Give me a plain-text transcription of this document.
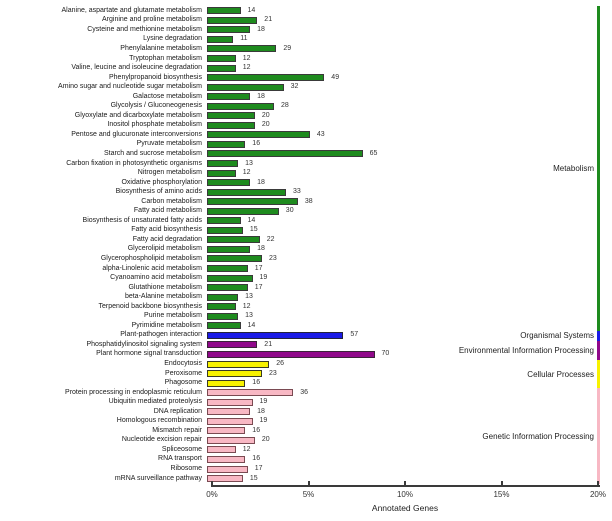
Alanine, aspartate and glutamate metabolism	14
Arginine and proline metabolism	21
Cysteine and methionine metabolism	18
Lysine degradation	11
Phenylalanine metabolism	29
Tryptophan metabolism	12
Valine, leucine and isoleucine degradation	12
Phenylpropanoid biosynthesis	49
Amino sugar and nucleotide sugar metabolism	32
Galactose metabolism	18
Glycolysis / Gluconeogenesis	28
Glyoxylate and dicarboxylate metabolism	20
Inositol phosphate metabolism	20
Pentose and glucuronate interconversions	43
Pyruvate metabolism	16
Starch and sucrose metabolism	65
Carbon fixation in photosynthetic organisms	13
Nitrogen metabolism	12
Oxidative phosphorylation	18
Biosynthesis of amino acids	33
Carbon metabolism	38
Fatty acid metabolism	30
Biosynthesis of unsaturated fatty acids	14
Fatty acid biosynthesis	15
Fatty acid degradation	22
Glycerolipid metabolism	18
Glycerophospholipid metabolism	23
alpha-Linolenic acid metabolism	17
Cyanoamino acid metabolism	19
Glutathione metabolism	17
beta-Alanine metabolism	13
Terpenoid backbone biosynthesis	12
Purine metabolism	13
Pyrimidine metabolism	14
Plant-pathogen interaction	57
Phosphatidylinositol signaling system	21
Plant hormone signal transduction	70
Endocytosis	26
Peroxisome	23
Phagosome	16
Protein processing in endoplasmic reticulum	36
Ubiquitin mediated proteolysis	19
DNA replication	18
Homologous recombination	19
Mismatch repair	16
Nucleotide excision repair	20
Spliceosome	12
RNA transport	16
Ribosome	17
mRNA surveillance pathway	15
Annotated Genes
Metabolism
Organismal Systems
Environmental Information Processing
Cellular Processes
Genetic Information Processing
0%	5%	10%	15%	20%
